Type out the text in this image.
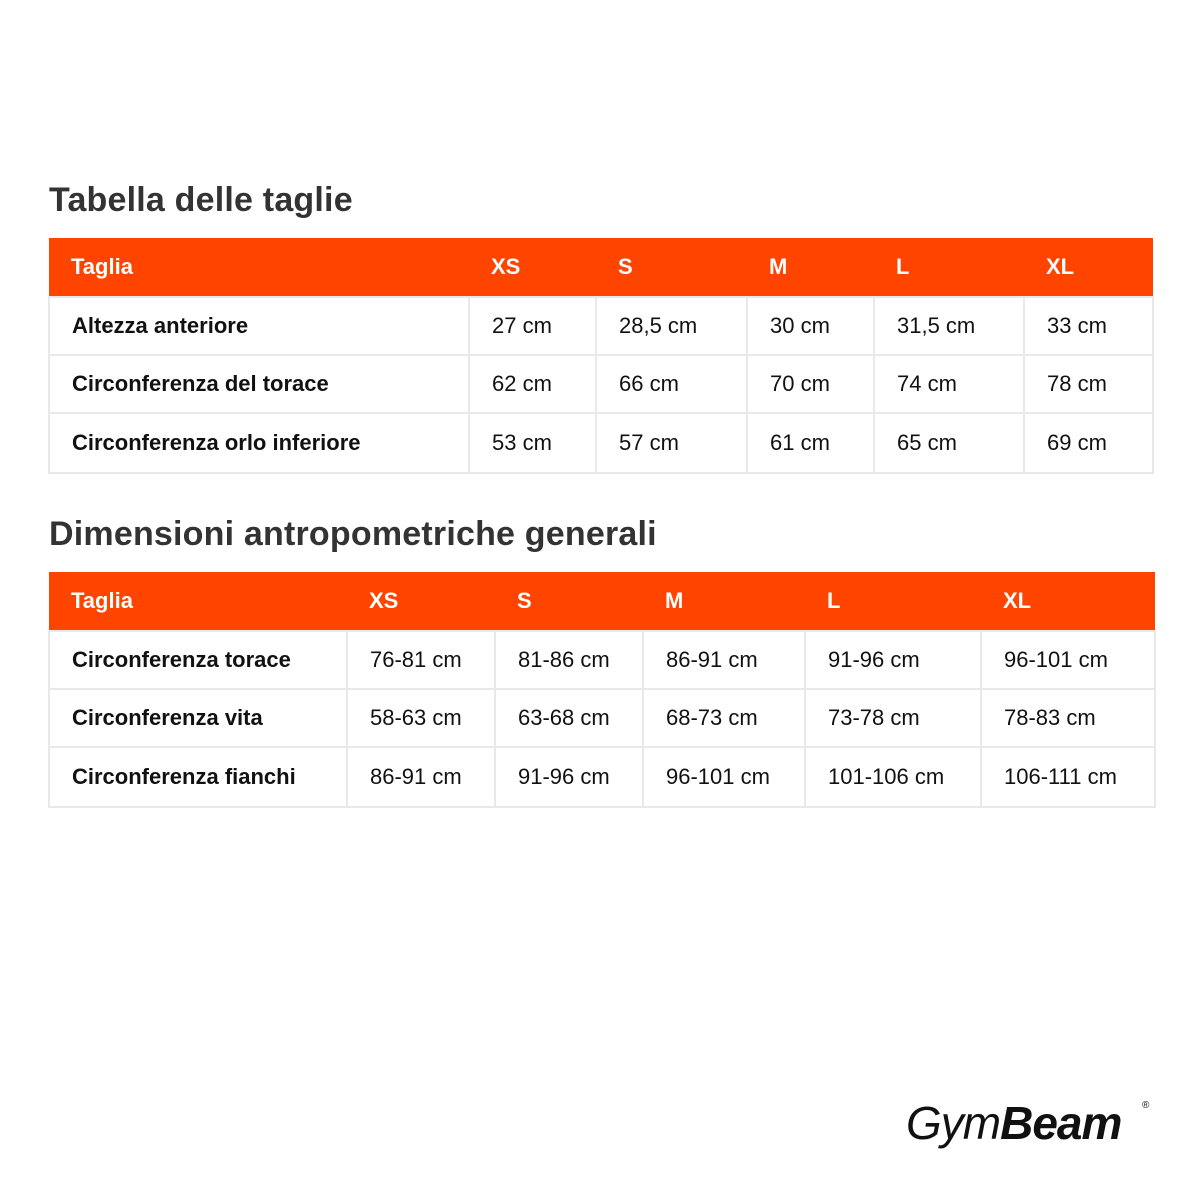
Tabella delle taglie
Taglia	XS	S	M	L	XL
Altezza anteriore	27 cm	28,5 cm	30 cm	31,5 cm	33 cm
Circonferenza del torace	62 cm	66 cm	70 cm	74 cm	78 cm
Circonferenza orlo inferiore	53 cm	57 cm	61 cm	65 cm	69 cm
Dimensioni antropometriche generali
Taglia	XS	S	M	L	XL
Circonferenza torace	76-81 cm	81-86 cm	86-91 cm	91-96 cm	96-101 cm
Circonferenza vita	58-63 cm	63-68 cm	68-73 cm	73-78 cm	78-83 cm
Circonferenza fianchi	86-91 cm	91-96 cm	96-101 cm	101-106 cm	106-111 cm
GymBeam ®
